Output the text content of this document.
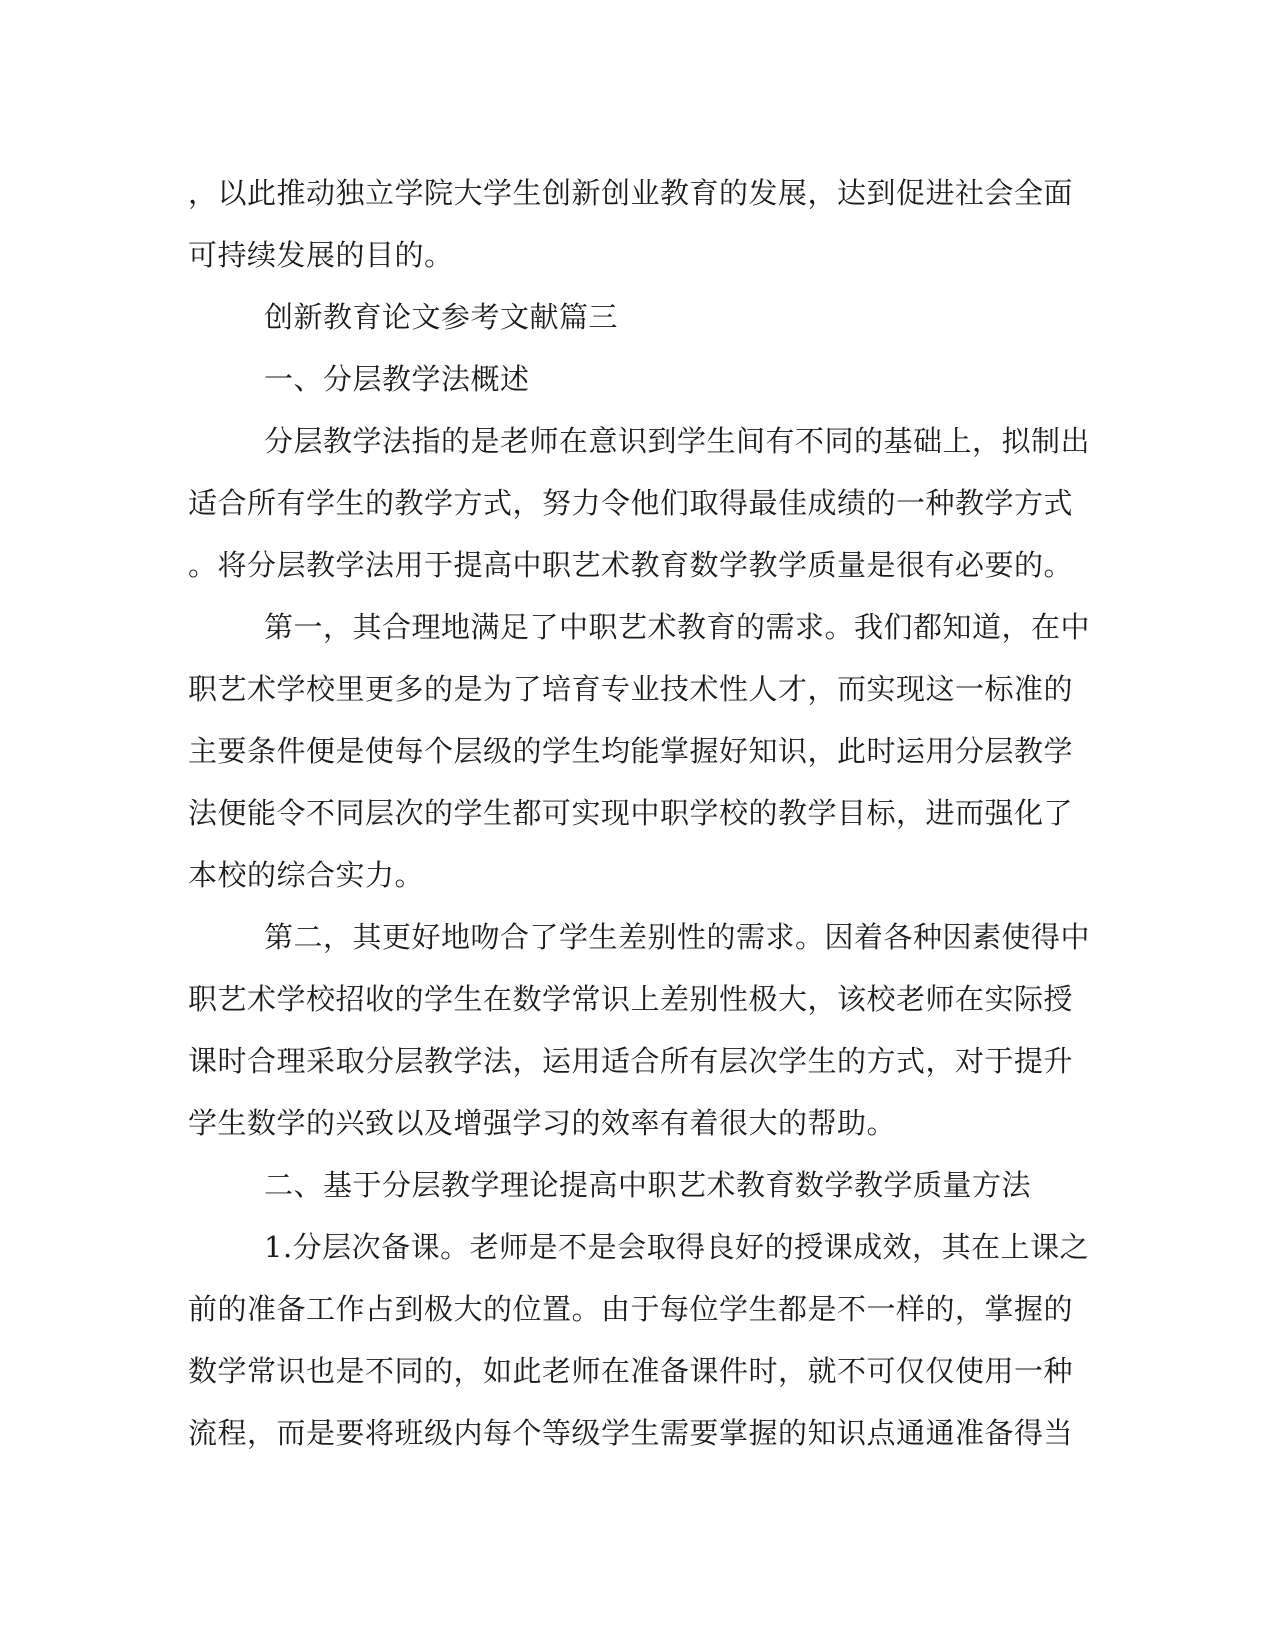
，以此推动独立学院大学生创新创业教育的发展，达到促进社会全面
可持续发展的目的。
创新教育论文参考文献篇三
一、分层教学法概述
分层教学法指的是老师在意识到学生间有不同的基础上，拟制出
适合所有学生的教学方式，努力令他们取得最佳成绩的一种教学方式
。将分层教学法用于提高中职艺术教育数学教学质量是很有必要的。
第一，其合理地满足了中职艺术教育的需求。我们都知道，在中
职艺术学校里更多的是为了培育专业技术性人才，而实现这一标准的
主要条件便是使每个层级的学生均能掌握好知识，此时运用分层教学
法便能令不同层次的学生都可实现中职学校的教学目标，进而强化了
本校的综合实力。
第二，其更好地吻合了学生差别性的需求。因着各种因素使得中
职艺术学校招收的学生在数学常识上差别性极大，该校老师在实际授
课时合理采取分层教学法，运用适合所有层次学生的方式，对于提升
学生数学的兴致以及增强学习的效率有着很大的帮助。
二、基于分层教学理论提高中职艺术教育数学教学质量方法
1.分层次备课。老师是不是会取得良好的授课成效，其在上课之
前的准备工作占到极大的位置。由于每位学生都是不一样的，掌握的
数学常识也是不同的，如此老师在准备课件时，就不可仅仅使用一种
流程，而是要将班级内每个等级学生需要掌握的知识点通通准备得当
